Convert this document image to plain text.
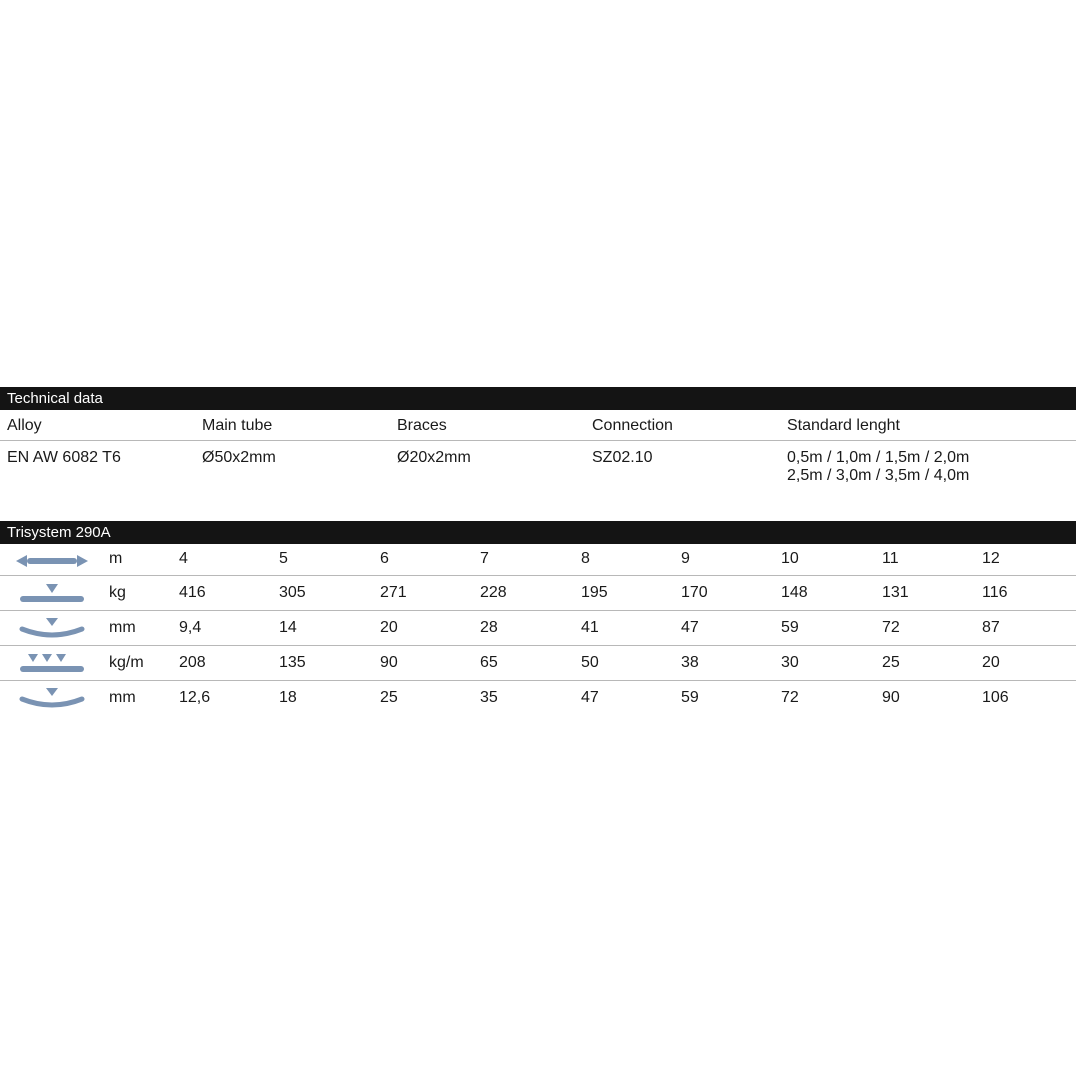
Technical data
Alloy	Main tube	Braces	Connection	Standard lenght
EN AW 6082 T6	Ø50x2mm	Ø20x2mm	SZ02.10	0,5m / 1,0m / 1,5m / 2,0m
2,5m / 3,0m / 3,5m / 4,0m
Trisystem 290A
m	4	5	6	7	8	9	10	11	12
kg	416	305	271	228	195	170	148	131	116
mm	9,4	14	20	28	41	47	59	72	87
kg/m 208	135	90	65	50	38	30	25	20
mm	12,6	18	25	35	47	59	72	90	106
